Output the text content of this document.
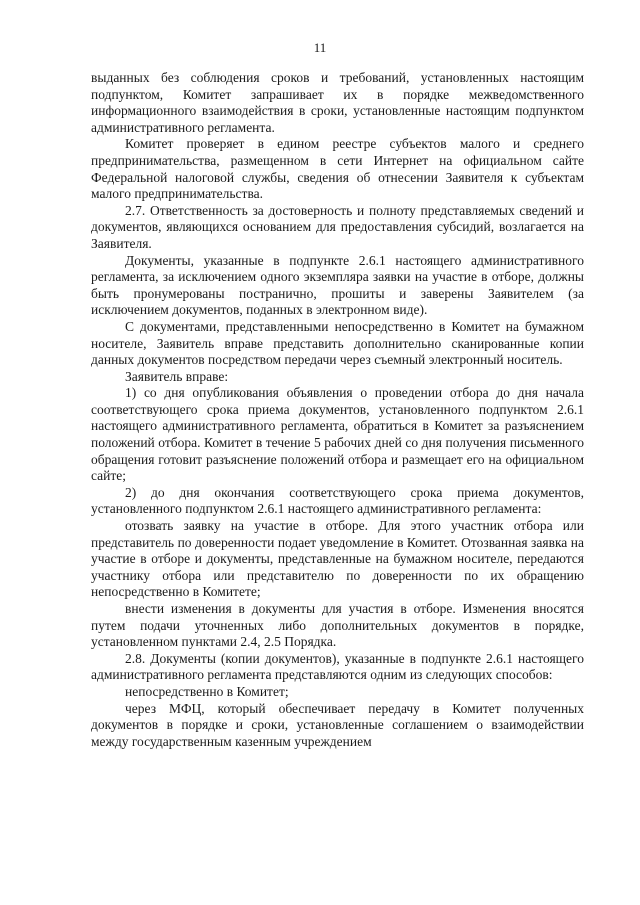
11

выданных без соблюдения сроков и требований, установленных настоящим подпунктом, Комитет запрашивает их в порядке межведомственного информационного взаимодействия в сроки, установленные настоящим подпунктом административного регламента.

Комитет проверяет в едином реестре субъектов малого и среднего предпринимательства, размещенном в сети Интернет на официальном сайте Федеральной налоговой службы, сведения об отнесении Заявителя к субъектам малого предпринимательства.

2.7. Ответственность за достоверность и полноту представляемых сведений и документов, являющихся основанием для предоставления субсидий, возлагается на Заявителя.

Документы, указанные в подпункте 2.6.1 настоящего административного регламента, за исключением одного экземпляра заявки на участие в отборе, должны быть пронумерованы постранично, прошиты и заверены Заявителем (за исключением документов, поданных в электронном виде).

С документами, представленными непосредственно в Комитет на бумажном носителе, Заявитель вправе представить дополнительно сканированные копии данных документов посредством передачи через съемный электронный носитель.

Заявитель вправе:

1) со дня опубликования объявления о проведении отбора до дня начала соответствующего срока приема документов, установленного подпунктом 2.6.1 настоящего административного регламента, обратиться в Комитет за разъяснением положений отбора. Комитет в течение 5 рабочих дней со дня получения письменного обращения готовит разъяснение положений отбора и размещает его на официальном сайте;

2) до дня окончания соответствующего срока приема документов, установленного подпунктом 2.6.1 настоящего административного регламента:

отозвать заявку на участие в отборе. Для этого участник отбора или представитель по доверенности подает уведомление в Комитет. Отозванная заявка на участие в отборе и документы, представленные на бумажном носителе, передаются участнику отбора или представителю по доверенности по их обращению непосредственно в Комитете;

внести изменения в документы для участия в отборе. Изменения вносятся путем подачи уточненных либо дополнительных документов в порядке, установленном пунктами 2.4, 2.5 Порядка.

2.8. Документы (копии документов), указанные в подпункте 2.6.1 настоящего административного регламента представляются одним из следующих способов:

непосредственно в Комитет;

через МФЦ, который обеспечивает передачу в Комитет полученных документов в порядке и сроки, установленные соглашением о взаимодействии между государственным казенным учреждением
